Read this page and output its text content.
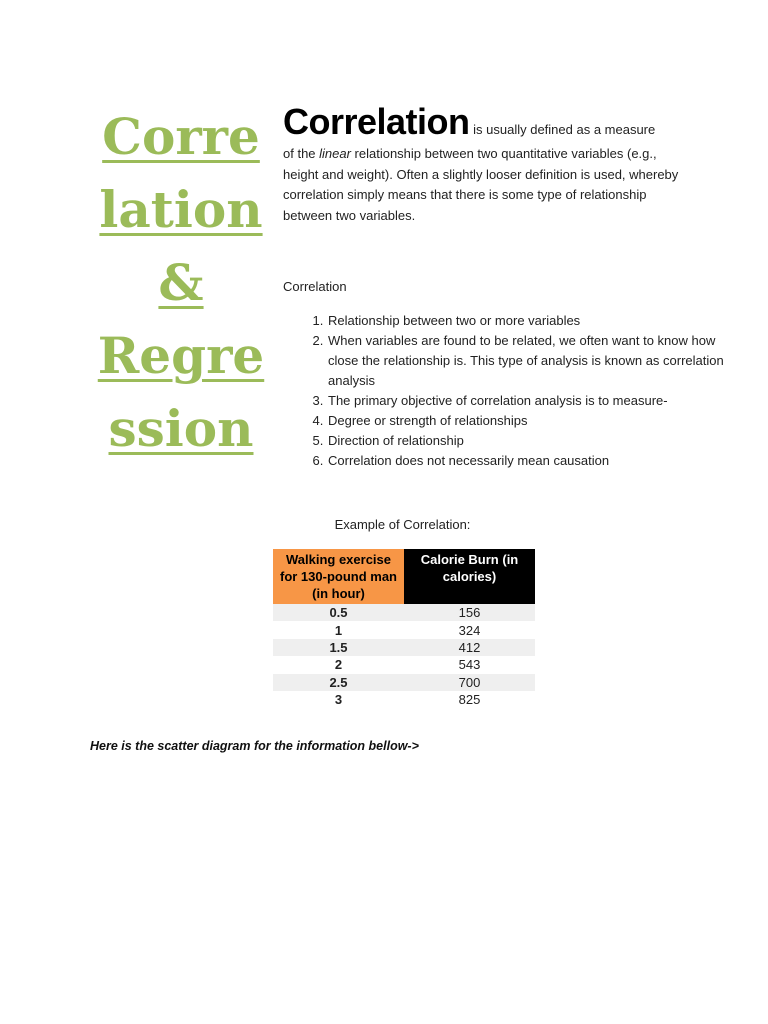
Corre
lation
&
Regre
ssion
Correlation is usually defined as a measure
of the linear relationship between two quantitative variables (e.g., height and weight). Often a slightly looser definition is used, whereby correlation simply means that there is some type of relationship between two variables.
Correlation
1. Relationship between two or more variables
2. When variables are found to be related, we often want to know how close the relationship is. This type of analysis is known as correlation analysis
3. The primary objective of correlation analysis is to measure-
4. Degree or strength of relationships
5. Direction of relationship
6. Correlation does not necessarily mean causation
Example of Correlation:
Walking exercise for 130-pound man (in hour)	Calorie Burn (in calories)
0.5	156
1	324
1.5	412
2	543
2.5	700
3	825
Here is the scatter diagram for the information bellow->
